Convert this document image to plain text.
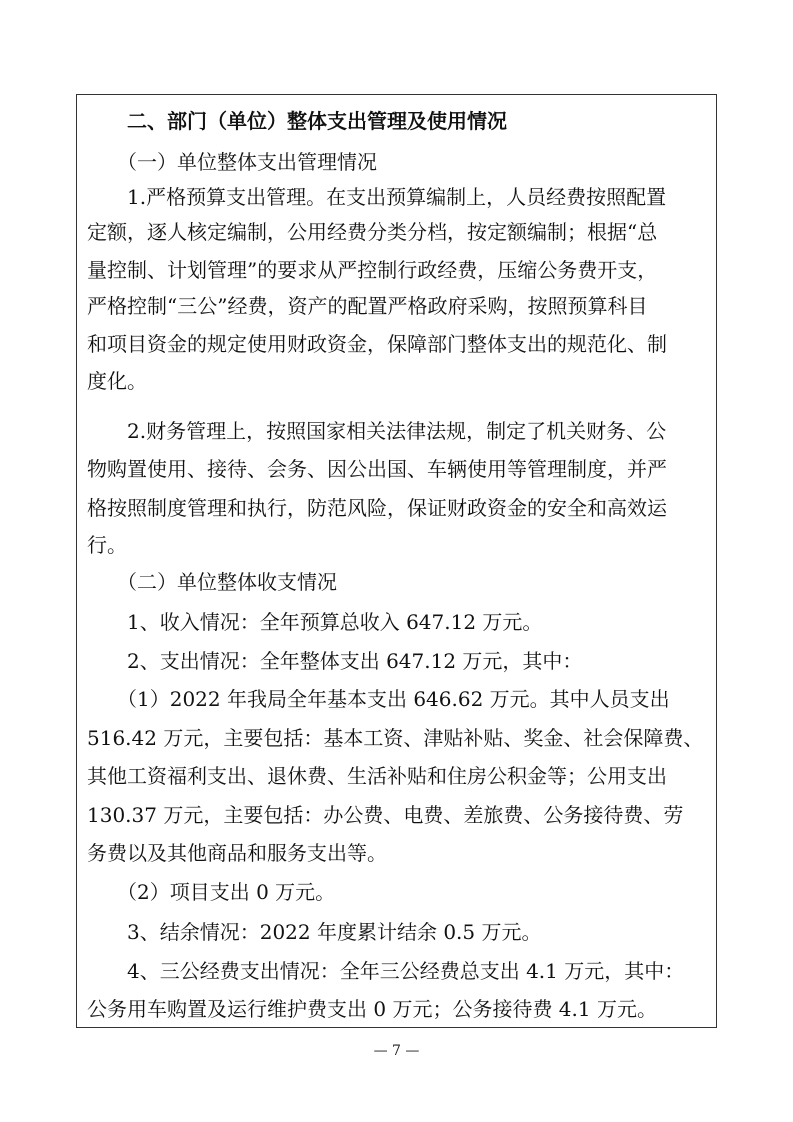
　　二、部门（单位）整体支出管理及使用情况
　　（一）单位整体支出管理情况
　　1.严格预算支出管理。在支出预算编制上，人员经费按照配置
定额，逐人核定编制，公用经费分类分档，按定额编制；根据“总
量控制、计划管理”的要求从严控制行政经费，压缩公务费开支，
严格控制“三公”经费，资产的配置严格政府采购，按照预算科目
和项目资金的规定使用财政资金，保障部门整体支出的规范化、制
度化。
　　2.财务管理上，按照国家相关法律法规，制定了机关财务、公
物购置使用、接待、会务、因公出国、车辆使用等管理制度，并严
格按照制度管理和执行，防范风险，保证财政资金的安全和高效运
行。
　　（二）单位整体收支情况
　　1、收入情况：全年预算总收入 647.12 万元。
　　2、支出情况：全年整体支出 647.12 万元，其中：
　　（1）2022 年我局全年基本支出 646.62 万元。其中人员支出
516.42 万元，主要包括：基本工资、津贴补贴、奖金、社会保障费、
其他工资福利支出、退休费、生活补贴和住房公积金等；公用支出
130.37 万元，主要包括：办公费、电费、差旅费、公务接待费、劳
务费以及其他商品和服务支出等。
　　（2）项目支出 0 万元。
　　3、结余情况：2022 年度累计结余 0.5 万元。
　　4、三公经费支出情况：全年三公经费总支出 4.1 万元，其中：
公务用车购置及运行维护费支出 0 万元；公务接待费 4.1 万元。
— 7 —
